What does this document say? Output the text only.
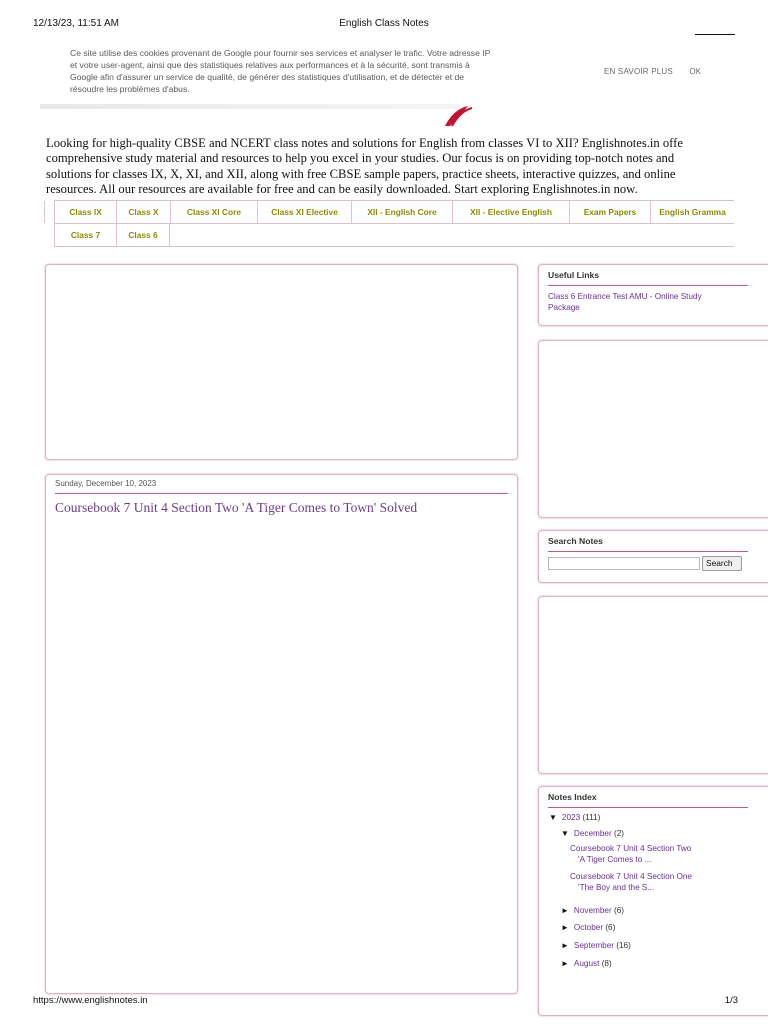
12/13/23, 11:51 AM	English Class Notes
Ce site utilise des cookies provenant de Google pour fournir ses services et analyser le trafic. Votre adresse IP
et votre user-agent, ainsi que des statistiques relatives aux performances et à la sécurité, sont transmis à
Google afin d'assurer un service de qualité, de générer des statistiques d'utilisation, et de détecter et de
résoudre les problèmes d'abus.
EN SAVOIR PLUS OK

Looking for high-quality CBSE and NCERT class notes and solutions for English from classes VI to XII? Englishnotes.in offe

comprehensive study material and resources to help you excel in your studies. Our focus is on providing top-notch notes and

solutions for classes IX, X, XI, and XII, along with free CBSE sample papers, practice sheets, interactive quizzes, and online

resources. All our resources are available for free and can be easily downloaded. Start exploring Englishnotes.in now.

Class IX	Class X	Class XI Core	Class XI Elective	XII - English Core	XII - Elective English	Exam Papers	English Gramma
Class 7	Class 6
Sunday, December 10, 2023
Coursebook 7 Unit 4 Section Two 'A Tiger Comes to Town' Solved
Useful Links
Class 6 Entrance Test AMU - Online Study
Package
Search Notes
Search
Notes Index
▼ 2023 (111)
▼ December (2)
Coursebook 7 Unit 4 Section Two
'A Tiger Comes to ...
Coursebook 7 Unit 4 Section One
'The Boy and the S...
► November (6)
► October (6)
► September (16)
► August (8)
https://www.englishnotes.in	1/3
